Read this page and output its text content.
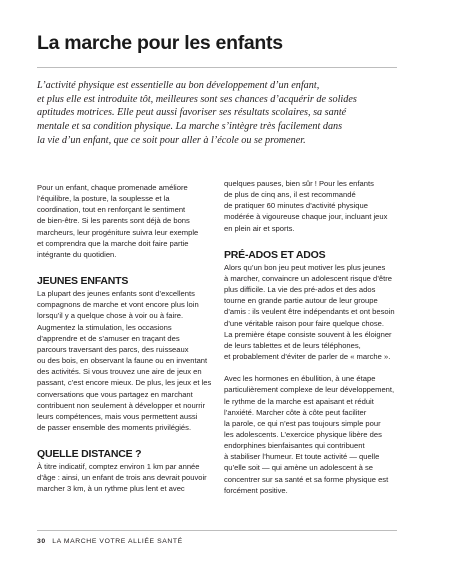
La marche pour les enfants
L’activité physique est essentielle au bon développement d’un enfant,
et plus elle est introduite tôt, meilleures sont ses chances d’acquérir de solides
aptitudes motrices. Elle peut aussi favoriser ses résultats scolaires, sa santé
mentale et sa condition physique. La marche s’intègre très facilement dans
la vie d’un enfant, que ce soit pour aller à l’école ou se promener.

Pour un enfant, chaque promenade améliore
l’équilibre, la posture, la souplesse et la
coordination, tout en renforçant le sentiment
de bien-être. Si les parents sont déjà de bons
marcheurs, leur progéniture suivra leur exemple
et comprendra que la marche doit faire partie
intégrante du quotidien.

JEUNES ENFANTS

La plupart des jeunes enfants sont d’excellents
compagnons de marche et vont encore plus loin
lorsqu’il y a quelque chose à voir ou à faire.
Augmentez la stimulation, les occasions
d’apprendre et de s’amuser en traçant des
parcours traversant des parcs, des ruisseaux
ou des bois, en observant la faune ou en inventant
des activités. Si vous trouvez une aire de jeux en
passant, c’est encore mieux. De plus, les jeux et les
conversations que vous partagez en marchant
contribuent non seulement à développer et nourrir
leurs compétences, mais vous permettent aussi
de passer ensemble des moments privilégiés.

QUELLE DISTANCE ?

À titre indicatif, comptez environ 1 km par année
d’âge : ainsi, un enfant de trois ans devrait pouvoir
marcher 3 km, à un rythme plus lent et avec

quelques pauses, bien sûr ! Pour les enfants
de plus de cinq ans, il est recommandé
de pratiquer 60 minutes d’activité physique
modérée à vigoureuse chaque jour, incluant jeux
en plein air et sports.

PRÉ-ADOS ET ADOS

Alors qu’un bon jeu peut motiver les plus jeunes
à marcher, convaincre un adolescent risque d’être
plus difficile. La vie des pré-ados et des ados
tourne en grande partie autour de leur groupe
d’amis : ils veulent être indépendants et ont besoin
d’une véritable raison pour faire quelque chose.
La première étape consiste souvent à les éloigner
de leurs tablettes et de leurs téléphones,
et probablement d’éviter de parler de « marche ».

Avec les hormones en ébullition, à une étape
particulièrement complexe de leur développement,
le rythme de la marche est apaisant et réduit
l’anxiété. Marcher côte à côte peut faciliter
la parole, ce qui n’est pas toujours simple pour
les adolescents. L’exercice physique libère des
endorphines bienfaisantes qui contribuent
à stabiliser l’humeur. Et toute activité — quelle
qu’elle soit — qui amène un adolescent à se
concentrer sur sa santé et sa forme physique est
forcément positive.

30 LA MARCHE VOTRE ALLIÉE SANTÉ
